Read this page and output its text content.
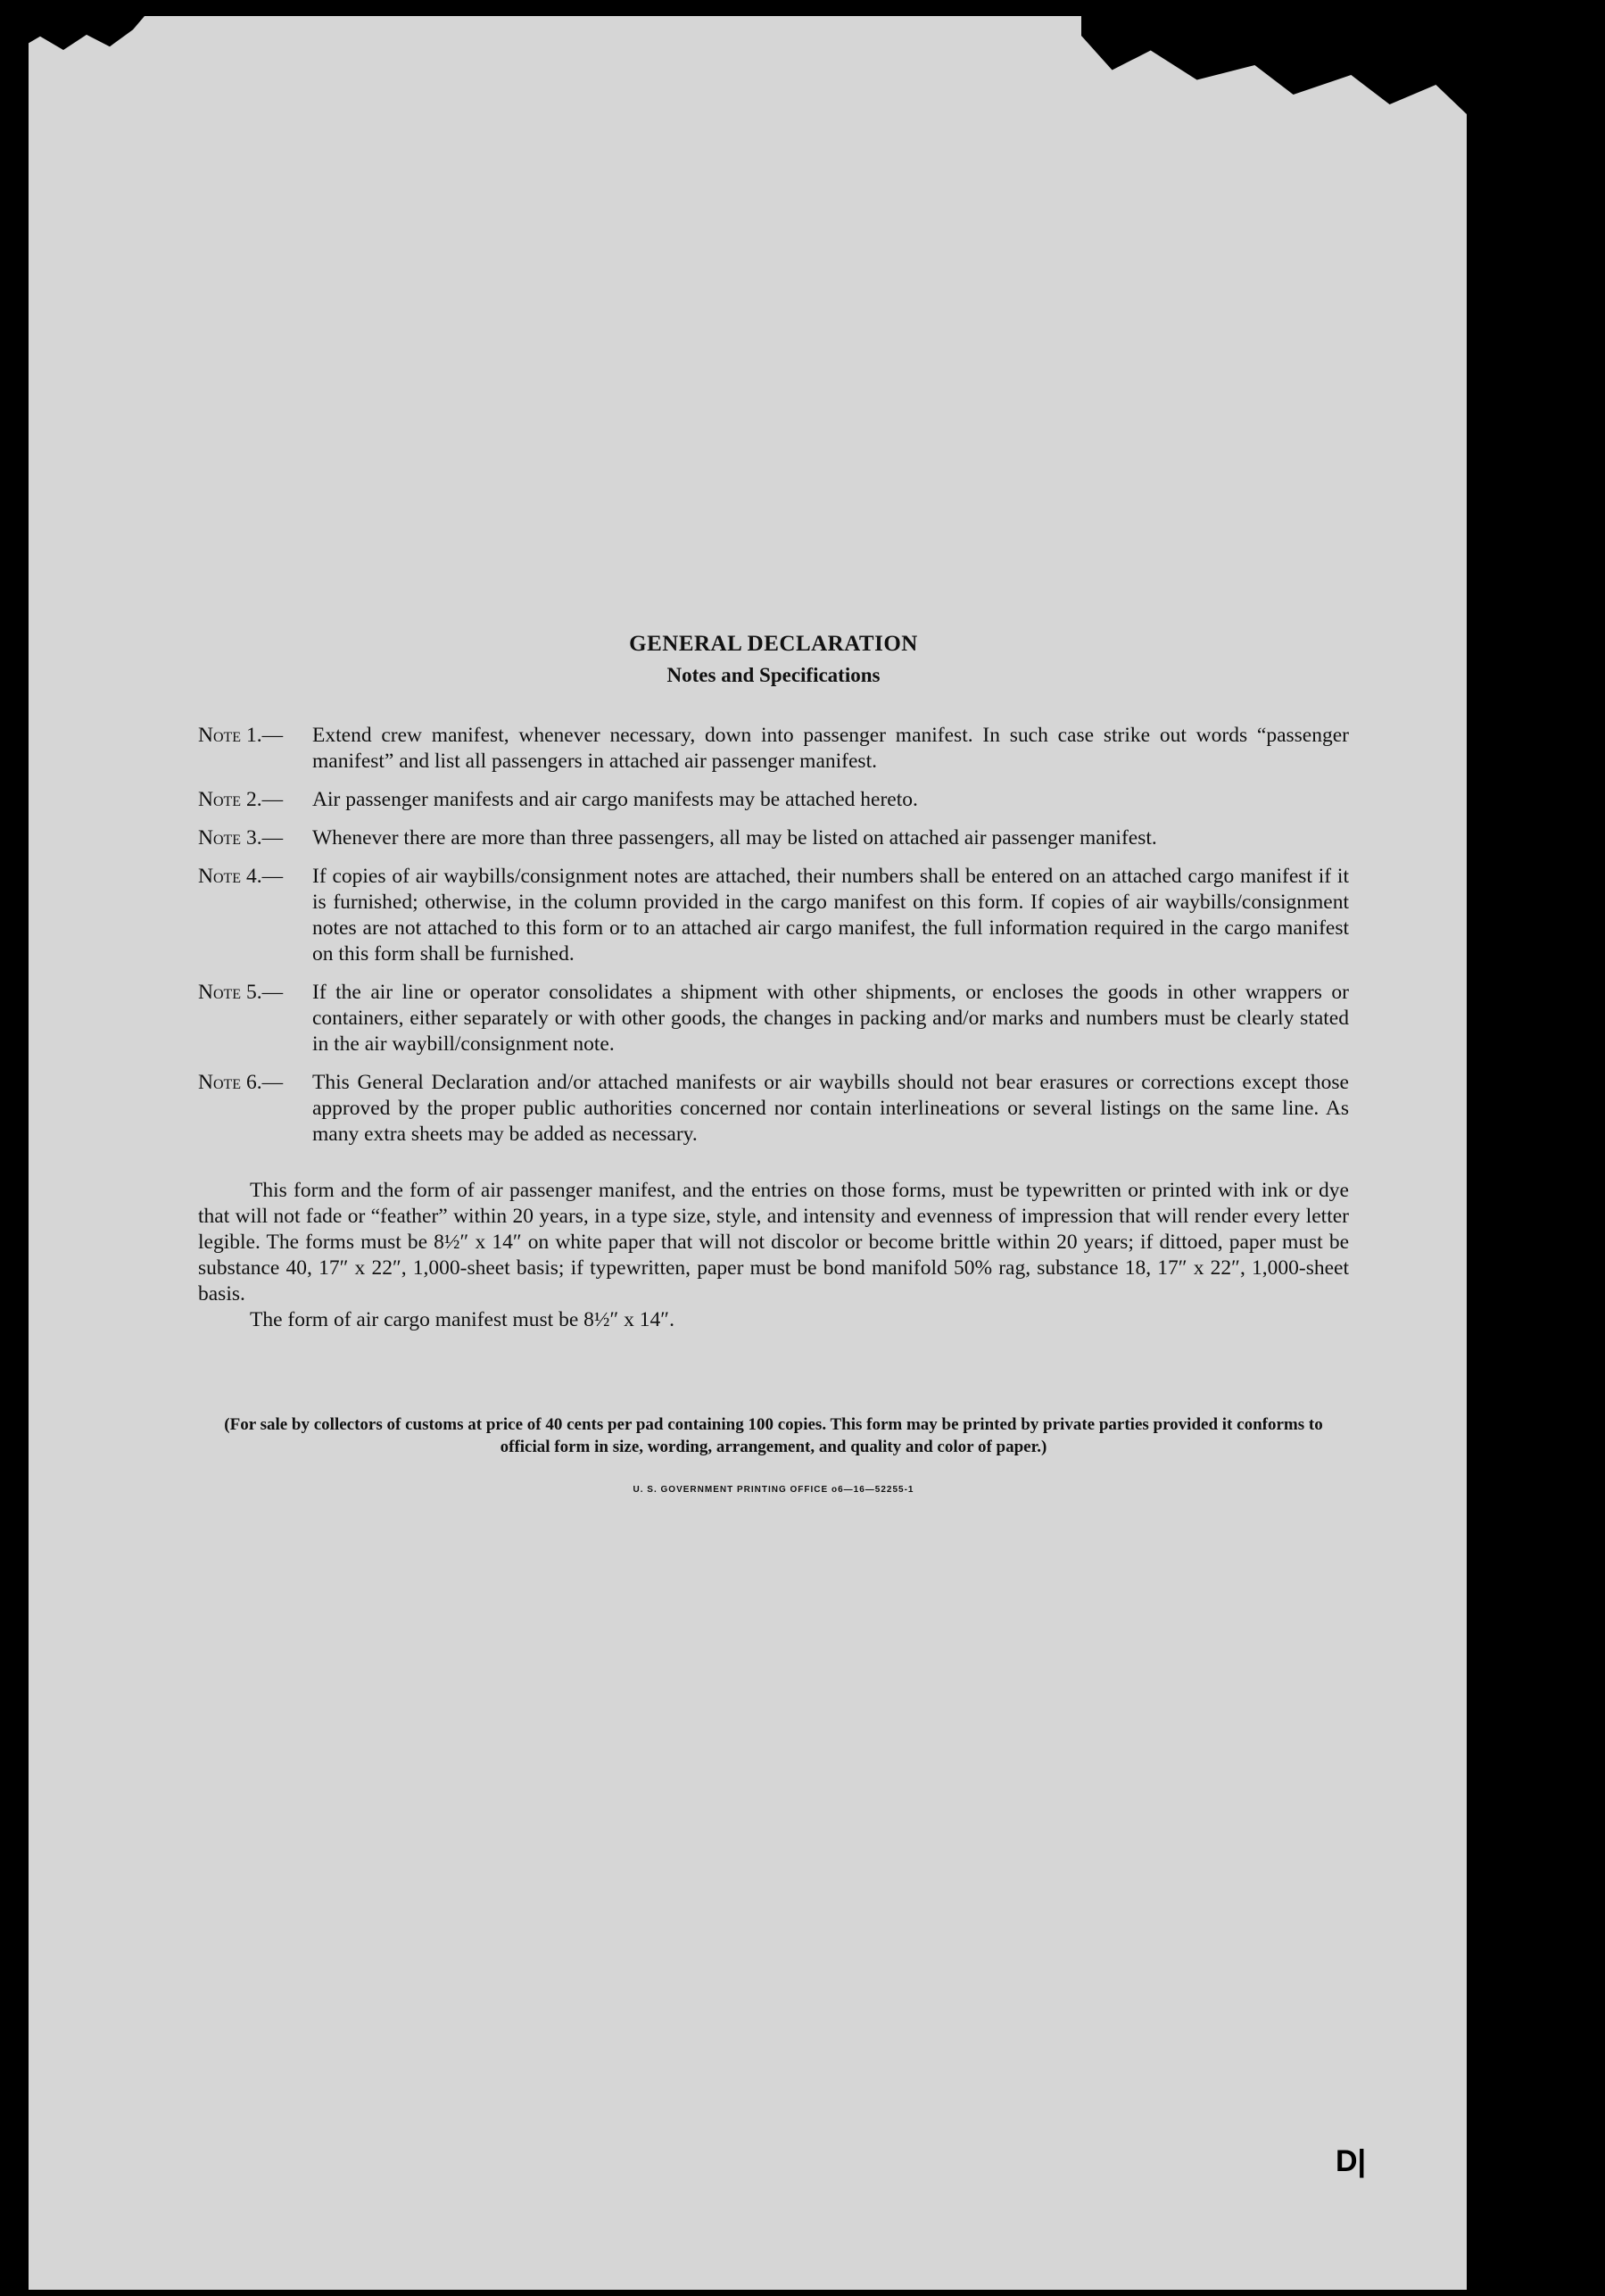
GENERAL DECLARATION
Notes and Specifications
Note 1.—	Extend crew manifest, whenever necessary, down into passenger manifest. In such case strike out words “passenger manifest” and list all passengers in attached air passenger manifest.
Note 2.—	Air passenger manifests and air cargo manifests may be attached hereto.
Note 3.—	Whenever there are more than three passengers, all may be listed on attached air passenger manifest.
Note 4.—	If copies of air waybills/consignment notes are attached, their numbers shall be entered on an attached cargo manifest if it is furnished; otherwise, in the column provided in the cargo manifest on this form. If copies of air waybills/consignment notes are not attached to this form or to an attached air cargo manifest, the full information required in the cargo manifest on this form shall be furnished.
Note 5.—	If the air line or operator consolidates a shipment with other shipments, or encloses the goods in other wrappers or containers, either separately or with other goods, the changes in packing and/or marks and numbers must be clearly stated in the air waybill/consignment note.
Note 6.—	This General Declaration and/or attached manifests or air waybills should not bear erasures or corrections except those approved by the proper public authorities concerned nor contain interlineations or several listings on the same line. As many extra sheets may be added as necessary.

This form and the form of air passenger manifest, and the entries on those forms, must be typewritten or printed with ink or dye that will not fade or “feather” within 20 years, in a type size, style, and intensity and evenness of impression that will render every letter legible. The forms must be 8½″ x 14″ on white paper that will not discolor or become brittle within 20 years; if dittoed, paper must be substance 40, 17″ x 22″, 1,000-sheet basis; if typewritten, paper must be bond manifold 50% rag, substance 18, 17″ x 22″, 1,000-sheet basis.

The form of air cargo manifest must be 8½″ x 14″.

(For sale by collectors of customs at price of 40 cents per pad containing 100 copies. This form may be printed by private parties provided it conforms to official form in size, wording, arrangement, and quality and color of paper.)
U. S. GOVERNMENT PRINTING OFFICE o6—16—52255-1
D|
